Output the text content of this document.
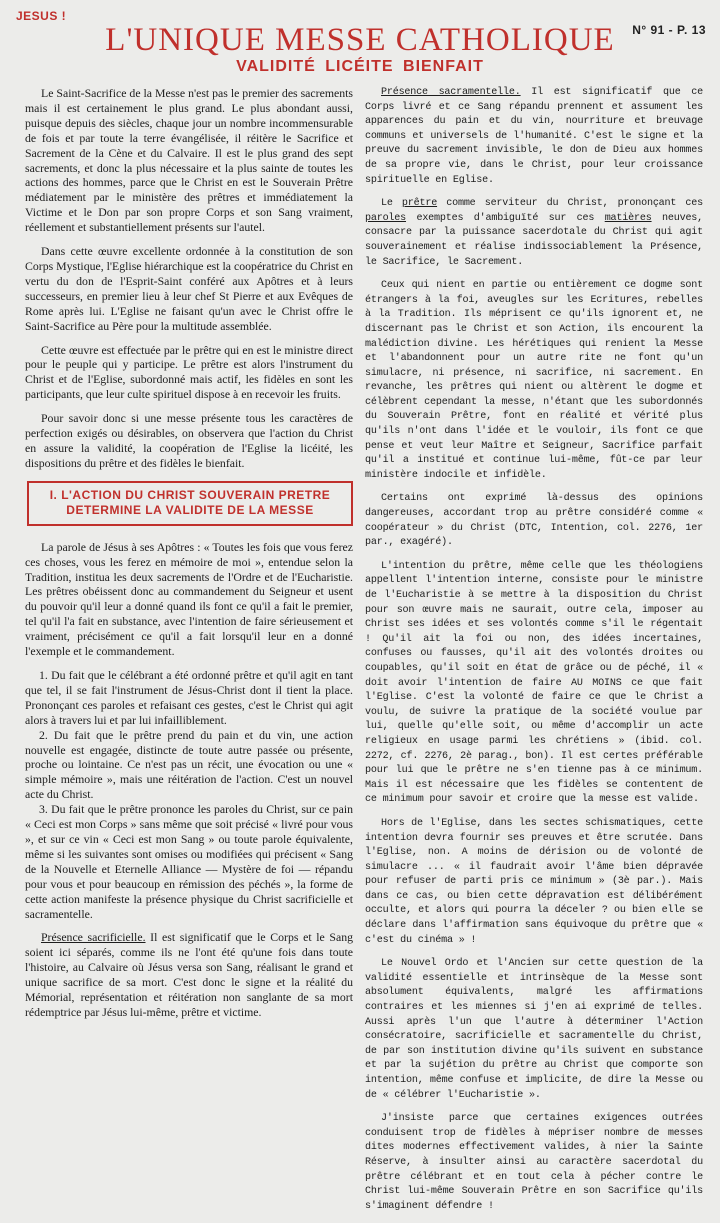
JESUS !
N° 91 - P. 13
L'UNIQUE MESSE CATHOLIQUE
VALIDITÉ LICÉITE BIENFAIT

Le Saint-Sacrifice de la Messe n'est pas le premier des sacrements mais il est certainement le plus grand. Le plus abondant aussi, puisque depuis des siècles, chaque jour un nombre incommensurable de fois et par toute la terre évangélisée, il réitère le Sacrifice et Sacrement de la Cène et du Calvaire. Il est le plus grand des sept sacrements, et donc la plus nécessaire et la plus sainte de toutes les actions des hommes, parce que le Christ en est le Souverain Prêtre médiatement par le ministère des prêtres et immédiatement la Victime et le Don par son propre Corps et son Sang vraiment, réellement et substantiellement présents sur l'autel.

Dans cette œuvre excellente ordonnée à la constitution de son Corps Mystique, l'Eglise hiérarchique est la coopératrice du Christ en vertu du don de l'Esprit-Saint conféré aux Apôtres et à leurs successeurs, en premier lieu à leur chef St Pierre et aux Evêques de Rome après lui. L'Eglise ne faisant qu'un avec le Christ offre le Saint-Sacrifice au Père pour la multitude assemblée.

Cette œuvre est effectuée par le prêtre qui en est le ministre direct pour le peuple qui y participe. Le prêtre est alors l'instrument du Christ et de l'Eglise, subordonné mais actif, les fidèles en sont les participants, que leur culte spirituel dispose à en recevoir les fruits.

Pour savoir donc si une messe présente tous les caractères de perfection exigés ou désirables, on observera que l'action du Christ en assure la validité, la coopération de l'Eglise la licéité, les dispositions du prêtre et des fidèles le bienfait.

I. L'ACTION DU CHRIST SOUVERAIN PRETRE DETERMINE LA VALIDITE DE LA MESSE

La parole de Jésus à ses Apôtres : « Toutes les fois que vous ferez ces choses, vous les ferez en mémoire de moi », entendue selon la Tradition, institua les deux sacrements de l'Ordre et de l'Eucharistie. Les prêtres obéissent donc au commandement du Seigneur et usent du pouvoir qu'il leur a donné quand ils font ce qu'il a fait le premier, tel qu'il l'a fait en substance, avec l'intention de faire sérieusement et vraiment, précisément ce qu'il a fait lorsqu'il leur en a donné l'exemple et le commandement.

1. Du fait que le célébrant a été ordonné prêtre et qu'il agit en tant que tel, il se fait l'instrument de Jésus-Christ dont il tient la place. Prononçant ces paroles et refaisant ces gestes, c'est le Christ qui agit alors à travers lui et par lui infailliblement.
2. Du fait que le prêtre prend du pain et du vin, une action nouvelle est engagée, distincte de toute autre passée ou présente, proche ou lointaine. Ce n'est pas un récit, une évocation ou une « simple mémoire », mais une réitération de l'action. C'est un nouvel acte du Christ.
3. Du fait que le prêtre prononce les paroles du Christ, sur ce pain « Ceci est mon Corps » sans même que soit précisé « livré pour vous », et sur ce vin « Ceci est mon Sang » ou toute parole équivalente, même si les suivantes sont omises ou modifiées qui précisent « Sang de la Nouvelle et Eternelle Alliance — Mystère de foi — répandu pour vous et pour beaucoup en rémission des péchés », la forme de cette action manifeste la présence physique du Christ sacrificielle et sacramentelle.

Présence sacrificielle. Il est significatif que le Corps et le Sang soient ici séparés, comme ils ne l'ont été qu'une fois dans toute l'histoire, au Calvaire où Jésus versa son Sang, réalisant le grand et unique sacrifice de sa mort. C'est donc le signe et la réalité du Mémorial, représentation et réitération non sanglante de sa mort rédemptrice par Jésus lui-même, prêtre et victime.

Présence sacramentelle. Il est significatif que ce Corps livré et ce Sang répandu prennent et assument les apparences du pain et du vin, nourriture et breuvage communs et universels de l'humanité. C'est le signe et la preuve du sacrement invisible, le don de Dieu aux hommes de sa propre vie, dans le Christ, pour leur croissance spirituelle en Eglise.

Le prêtre comme serviteur du Christ, prononçant ces paroles exemptes d'ambiguïté sur ces matières neuves, consacre par la puissance sacerdotale du Christ qui agit souverainement et réalise indissociablement la Présence, le Sacrifice, le Sacrement.

Ceux qui nient en partie ou entièrement ce dogme sont étrangers à la foi, aveugles sur les Ecritures, rebelles à la Tradition. Ils méprisent ce qu'ils ignorent et, ne discernant pas le Christ et son Action, ils encourent la malédiction divine. Les hérétiques qui renient la Messe et l'abandonnent pour un autre rite ne font qu'un simulacre, ni présence, ni sacrifice, ni sacrement. En revanche, les prêtres qui nient ou altèrent le dogme et célèbrent cependant la messe, n'étant que les subordonnés du Souverain Prêtre, font en réalité et vérité plus qu'ils n'ont dans l'idée et le vouloir, ils font ce que pense et veut leur Maître et Seigneur, Sacrifice parfait qu'il a institué et continue lui-même, fût-ce par leur ministère indocile et infidèle.

Certains ont exprimé là-dessus des opinions dangereuses, accordant trop au prêtre considéré comme « coopérateur » du Christ (DTC, Intention, col. 2276, 1er par., exagéré).

L'intention du prêtre, même celle que les théologiens appellent l'intention interne, consiste pour le ministre de l'Eucharistie à se mettre à la disposition du Christ pour son œuvre mais ne saurait, outre cela, imposer au Christ ses idées et ses volontés comme s'il le régentait ! Qu'il ait la foi ou non, des idées incertaines, confuses ou fausses, qu'il ait des volontés droites ou coupables, qu'il soit en état de grâce ou de péché, il « doit avoir l'intention de faire AU MOINS ce que fait l'Eglise. C'est la volonté de faire ce que le Christ a voulu, de suivre la pratique de la société voulue par lui, quelle qu'elle soit, ou même d'accomplir un acte religieux en usage parmi les chrétiens » (ibid. col. 2272, cf. 2276, 2è parag., bon). Il est certes préférable pour lui que le prêtre ne s'en tienne pas à ce minimum. Mais il est nécessaire que les fidèles se contentent de ce minimum pour savoir et croire que la messe est valide.

Hors de l'Eglise, dans les sectes schismatiques, cette intention devra fournir ses preuves et être scrutée. Dans l'Eglise, non. A moins de dérision ou de volonté de simulacre ... « il faudrait avoir l'âme bien dépravée pour refuser de parti pris ce minimum » (3è par.). Mais dans ce cas, ou bien cette dépravation est délibérément occulte, et alors qui pourra la déceler ? ou bien elle se déclare dans l'affirmation sans équivoque du prêtre que « c'est du cinéma » !

Le Nouvel Ordo et l'Ancien sur cette question de la validité essentielle et intrinsèque de la Messe sont absolument équivalents, malgré les affirmations contraires et les miennes si j'en ai exprimé de telles. Aussi après l'un que l'autre à déterminer l'Action consécratoire, sacrificielle et sacramentelle du Christ, de par son institution divine qu'ils suivent en substance et par la sujétion du prêtre au Christ que comporte son intention, même confuse et implicite, de dire la Messe ou de « célébrer l'Eucharistie ».

J'insiste parce que certaines exigences outrées conduisent trop de fidèles à mépriser nombre de messes dites modernes effectivement valides, à nier la Sainte Réserve, à insulter ainsi au caractère sacerdotal du prêtre célébrant et en tout cela à pécher contre le Christ lui-même Souverain Prêtre en son Sacrifice qu'ils s'imaginent défendre !
